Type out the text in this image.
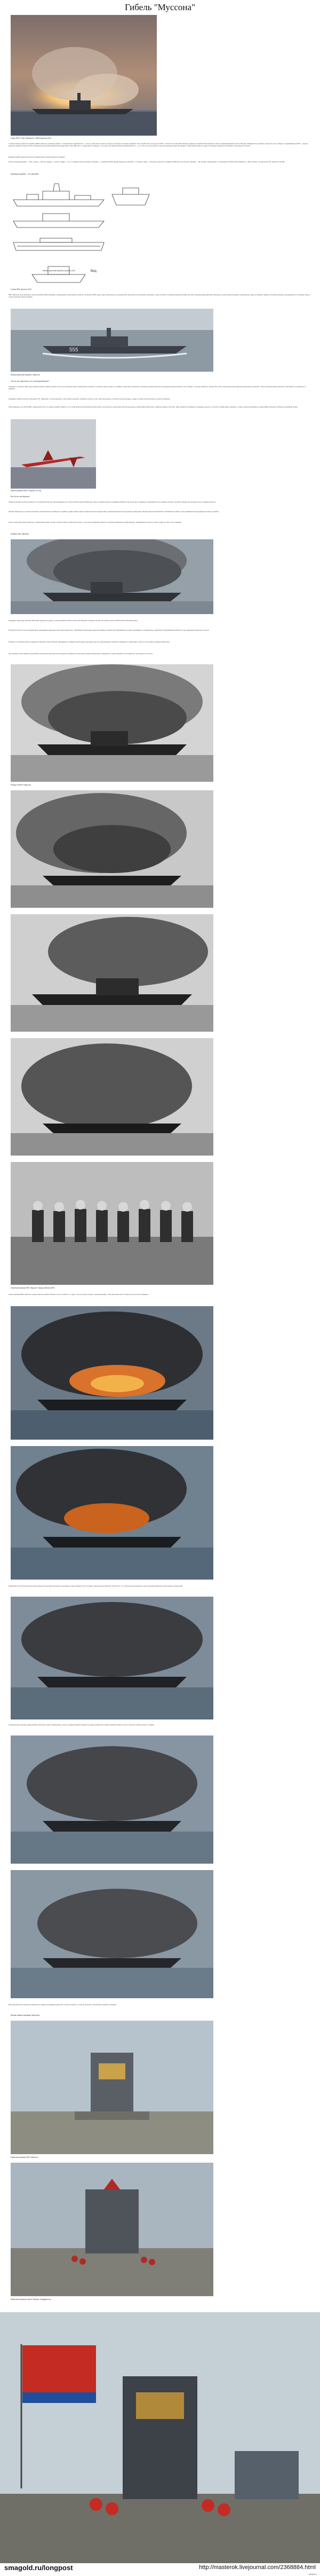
Гибель "Муссона"
Старт ПКР П-120 «Малахит» с МРК проекта 1234

О гибели малого ракетного корабля (МРК) «Муссон» написано давно и с множеством подробностей — так же о нём много писали в открытых военных и морских изданиях. Этот корабль был построен в 1978 г. и вошёл в состав 165-й бригады ракетных кораблей Тихоокеанского флота, базировавшейся в бухте Патрокл, Владивосток. Корабль относился к типу «Овод» по кодификации НАТО — малые ракетные корабли проекта 1234, вооружённые противокорабельными ракетами П-120 «Малахит». Совершенно очевидно, что он был не самым крупным кораблём флота — но к числу его достоинств относилась мощная ракетная батарея, позволявшая нанести удар по крупным кораблям противника с дистанции до 150 км.

Данный корабль внесён во многие справочники и ориентировочно обладал:

Полное водоизмещение — 700 т, длина — 59,3 м, ширина — 11,8 м, осадка — 3,1 м. Главная энергетическая установка — 3 дизеля М-507А общей мощностью 30 000 л.с. Скорость хода — 35 узлов, дальность плавания 1600 миль на 18 узлах. Экипаж — 60 человек. Вооружение: 2 строенные ПУ ПКР П-120 «Малахит», ЗРК «Оса-М», 76-мм АУ АК-176, 30-мм АУ АК-630.

Проекция корабля — 60 чертежей
Вид
Малый ракетный корабль проекта 1234
Схема МРК проекта 1234

МРК «Муссон» был включён в список кораблей 165-й бригады и неоднократно участвовал в учениях. 16 апреля 1987 года в ходе учений флота он должен был выполнить контрольные стрельбы, в ходе которых по кораблю-мишени должен был быть нанесён удар ракетами. Мишенью служила ракета-мишень, запущенная с другого корабля. Именно эта ракета-мишень, выпущенная по учебному плану, и стала причиной гибели корабля.

555
Малый ракетный корабль «Муссон»
Так что же случилось в тот злополучный день?

Накануне, 15 апреля 1987 года, корабль вышел в район учений и в ночь на 16 апреля занял назначенную позицию. Согласно плану учений, по кораблю с берегового ракетного комплекса должна была быть выпущена ракета-мишень П-15 «Термит», которую «Муссон» должен был сбить своим зенитным ракетным комплексом «Оса-М». Утром 16 апреля ракета-мишень стартовала и устремилась к кораблю.

Командир корабля капитан-лейтенант В.П. Лукьянчук, получив доклад о пуске ракеты-мишени, приказал открыть огонь. Зенитные ракеты «Оса-М» были выпущены, однако по ряду причин мишень не была поражена.

Ракета-мишень, не сбитая ЗРК, продолжила полёт в сторону корабля. Вместо того чтобы пройти на безопасном расстоянии, она на высоте нескольких метров врезалась в надстройку «Муссона» в районе ходового мостика. Удар пришёлся примерно в середину корпуса, и остатки топлива ракеты-мишени, а также горючие материалы в надстройке вспыхнули. Возник сильнейший пожар.

Ракета-мишень КРМ «Термит» (П-15)
Вот бы не так Муссону!

Пожар на корабле распространялся с огромной скоростью. Были выведены из строя системы энергоснабжения, связи и пожаротушения. Командир корабля и большая часть офицеров, находившихся на ходовом мостике, погибли в первые же секунды после попадания ракеты.

Экипаж «Муссона» в течение нескольких часов боролся за живучесть корабля, однако пожар охватил практически всю надстройку и распространился во внутренние помещения. Начали рваться боеприпасы. Оставшиеся в живых члены экипажа были вынуждены покинуть корабль.

Спустя некоторое время «Муссон», охваченный огнём, затонул. В катастрофе погибли 39 человек, в том числе командир корабля и несколько офицеров штаба бригады, находившихся на борту. Спасти удалось лишь часть экипажа.

Корабль был обречён...

Командир «Муссона» капитан-лейтенант Лукьянчук и другие члены экипажа погибли, выполняя свой долг. Корабль затонул на глубине около 3 000 метров в Японском море.

Посмертно многие члены экипажа были награждены орденами «За личное мужество». Причинами катастрофы комиссия назвала ошибки при планировании учений, неисправность аппаратуры и нарушения требований безопасности при проведении ракетных стрельб.

В память о погибших морях установлен памятник в бухте Патрокл, Владивосток. Каждый год 16 апреля ветераны флота и родственники погибших собираются у памятника, чтобы почтить память моряков «Муссона».

Эта трагедия стала одной из крупнейших катастроф советского флота мирного времени и была долгое время засекречена. Подробности гибели корабля стали известны лишь много лет спустя.

Пожар на МРК «Муссон»
Погибший экипаж МРК «Муссон» перед гибелью МРК

Члены экипажа МРК «Муссон» перед гибелью корабля. Многие из них погибли в тот день, так и не успев покинуть горящий корабль. Тела большей части погибших так и не были найдены.

Подробнее об обстоятельствах катастрофы впоследствии рассказали уцелевшие члены экипажа. По их словам, пожар распространился так быстро, что у большинства моряков не было шансов выбраться из внутренних помещений.

Спасательная операция продолжалась несколько часов. Подошедшие к месту трагедии корабли подняли из воды оставшихся в живых моряков. Многие из них получили тяжёлые ожоги и травмы.

Впоследствии были внесены изменения в порядок проведения ракетных стрельб на флоте, чтобы не допустить повторения подобных трагедий.

Вечная память морякам «Муссона»
Памятник экипажу МРК «Муссон»
Памятник экипажу в бухте Патрокл, Владивосток
smagold.ru/longpost	http://masterok.livejournal.com/2368884.html
aftutorru
